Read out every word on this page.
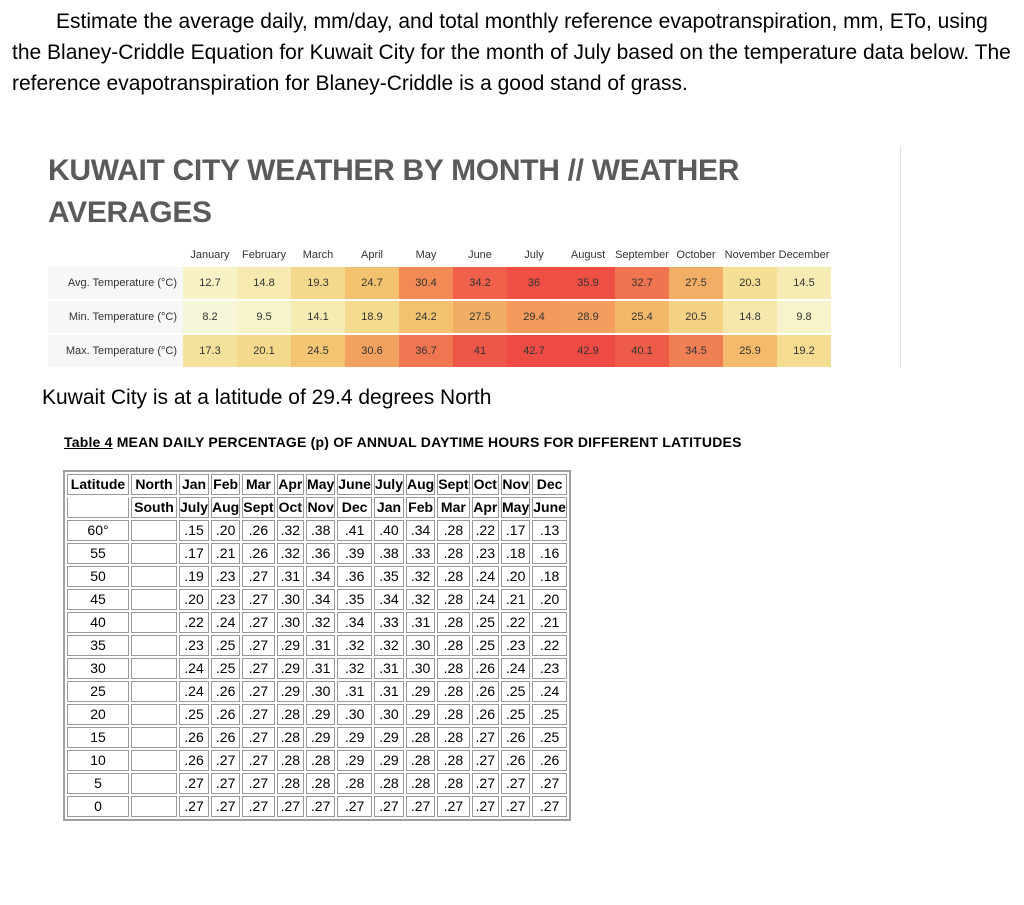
Estimate the average daily, mm/day, and total monthly reference evapotranspiration, mm, ETo, using the Blaney-Criddle Equation for Kuwait City for the month of July based on the temperature data below. The reference evapotranspiration for Blaney-Criddle is a good stand of grass.

KUWAIT CITY WEATHER BY MONTH // WEATHER AVERAGES
	January	February	March	April	May	June	July	August	September	October	November	December
Avg. Temperature (°C)	12.7	14.8	19.3	24.7	30.4	34.2	36	35.9	32.7	27.5	20.3	14.5
Min. Temperature (°C)	8.2	9.5	14.1	18.9	24.2	27.5	29.4	28.9	25.4	20.5	14.8	9.8
Max. Temperature (°C)	17.3	20.1	24.5	30.6	36.7	41	42.7	42.9	40.1	34.5	25.9	19.2

Kuwait City is at a latitude of 29.4 degrees North

Table 4 MEAN DAILY PERCENTAGE (p) OF ANNUAL DAYTIME HOURS FOR DIFFERENT LATITUDES

Latitude	North	Jan	Feb	Mar	Apr	May	June	July	Aug	Sept	Oct	Nov	Dec
	South	July	Aug	Sept	Oct	Nov	Dec	Jan	Feb	Mar	Apr	May	June
60°		.15	.20	.26	.32	.38	.41	.40	.34	.28	.22	.17	.13
55		.17	.21	.26	.32	.36	.39	.38	.33	.28	.23	.18	.16
50		.19	.23	.27	.31	.34	.36	.35	.32	.28	.24	.20	.18
45		.20	.23	.27	.30	.34	.35	.34	.32	.28	.24	.21	.20
40		.22	.24	.27	.30	.32	.34	.33	.31	.28	.25	.22	.21
35		.23	.25	.27	.29	.31	.32	.32	.30	.28	.25	.23	.22
30		.24	.25	.27	.29	.31	.32	.31	.30	.28	.26	.24	.23
25		.24	.26	.27	.29	.30	.31	.31	.29	.28	.26	.25	.24
20		.25	.26	.27	.28	.29	.30	.30	.29	.28	.26	.25	.25
15		.26	.26	.27	.28	.29	.29	.29	.28	.28	.27	.26	.25
10		.26	.27	.27	.28	.28	.29	.29	.28	.28	.27	.26	.26
5		.27	.27	.27	.28	.28	.28	.28	.28	.28	.27	.27	.27
0		.27	.27	.27	.27	.27	.27	.27	.27	.27	.27	.27	.27
